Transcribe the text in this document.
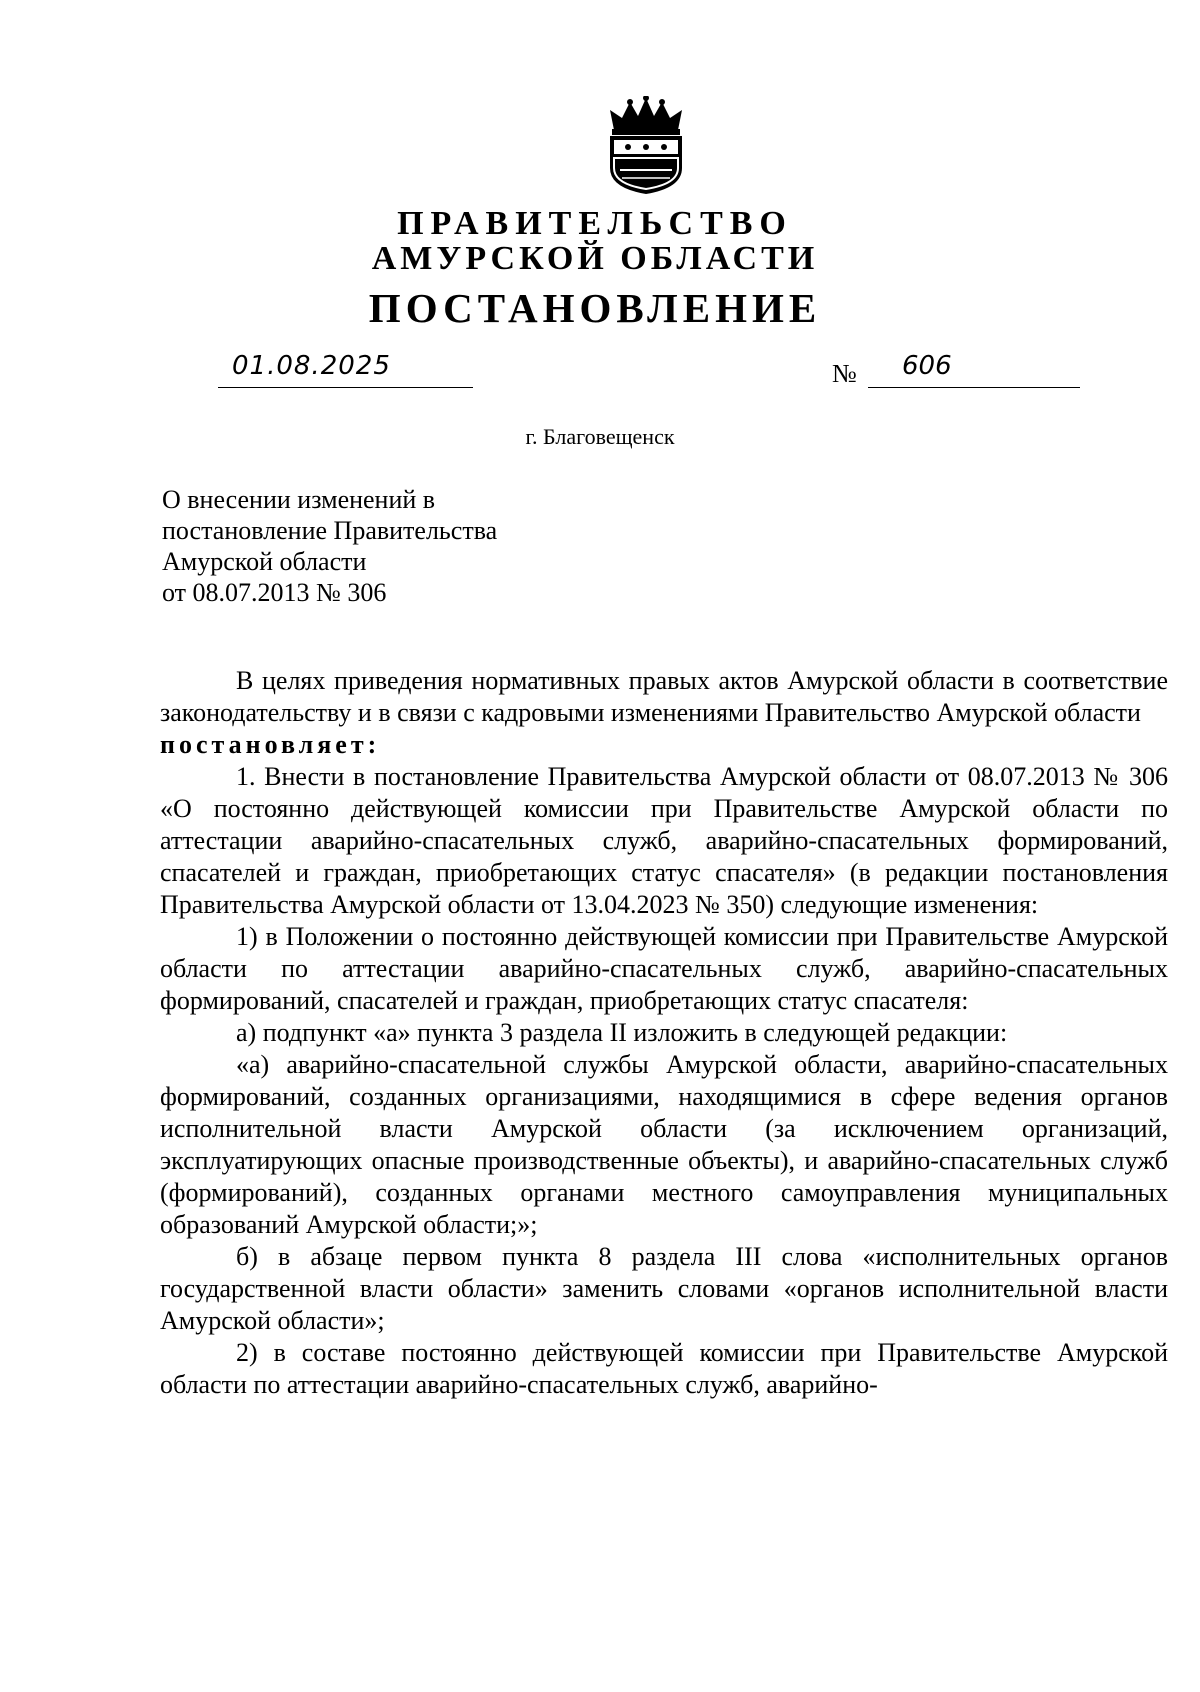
ПРАВИТЕЛЬСТВО
АМУРСКОЙ ОБЛАСТИ
ПОСТАНОВЛЕНИЕ
01.08.2025	№ 606
г. Благовещенск
О внесении изменений в
постановление Правительства
Амурской области
от 08.07.2013 № 306

В целях приведения нормативных правых актов Амурской области в соответствие законодательству и в связи с кадровыми изменениями Правительство Амурской области

постановляет:

1. Внести в постановление Правительства Амурской области от 08.07.2013 № 306 «О постоянно действующей комиссии при Правительстве Амурской области по аттестации аварийно-спасательных служб, аварийно-спасательных формирований, спасателей и граждан, приобретающих статус спасателя» (в редакции постановления Правительства Амурской области от 13.04.2023 № 350) следующие изменения:

1) в Положении о постоянно действующей комиссии при Правительстве Амурской области по аттестации аварийно-спасательных служб, аварийно-спасательных формирований, спасателей и граждан, приобретающих статус спасателя:

а) подпункт «а» пункта 3 раздела II изложить в следующей редакции:

«а) аварийно-спасательной службы Амурской области, аварийно-спасательных формирований, созданных организациями, находящимися в сфере ведения органов исполнительной власти Амурской области (за исключением организаций, эксплуатирующих опасные производственные объекты), и аварийно-спасательных служб (формирований), созданных органами местного самоуправления муниципальных образований Амурской области;»;

б) в абзаце первом пункта 8 раздела III слова «исполнительных органов государственной власти области» заменить словами «органов исполнительной власти Амурской области»;

2) в составе постоянно действующей комиссии при Правительстве Амурской области по аттестации аварийно-спасательных служб, аварийно-
